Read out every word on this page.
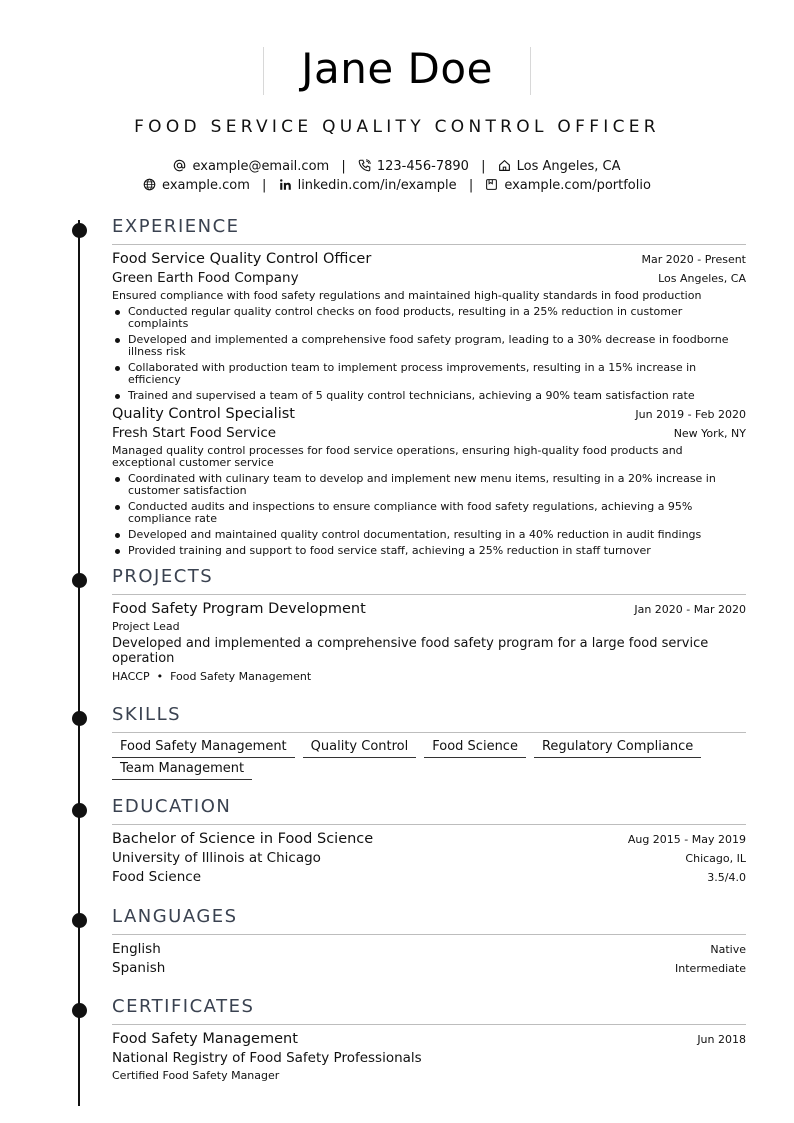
Jane Doe
FOOD SERVICE QUALITY CONTROL OFFICER
example@email.com | 123-456-7890 | Los Angeles, CA
example.com | linkedin.com/in/example | example.com/portfolio
EXPERIENCE
Food Service Quality Control Officer	Mar 2020 - Present
Green Earth Food Company	Los Angeles, CA
Ensured compliance with food safety regulations and maintained high-quality standards in food production
Conducted regular quality control checks on food products, resulting in a 25% reduction in customer complaints
Developed and implemented a comprehensive food safety program, leading to a 30% decrease in foodborne illness risk
Collaborated with production team to implement process improvements, resulting in a 15% increase in efficiency
Trained and supervised a team of 5 quality control technicians, achieving a 90% team satisfaction rate
Quality Control Specialist	Jun 2019 - Feb 2020
Fresh Start Food Service	New York, NY
Managed quality control processes for food service operations, ensuring high-quality food products and exceptional customer service
Coordinated with culinary team to develop and implement new menu items, resulting in a 20% increase in customer satisfaction
Conducted audits and inspections to ensure compliance with food safety regulations, achieving a 95% compliance rate
Developed and maintained quality control documentation, resulting in a 40% reduction in audit findings
Provided training and support to food service staff, achieving a 25% reduction in staff turnover
PROJECTS
Food Safety Program Development	Jan 2020 - Mar 2020
Project Lead
Developed and implemented a comprehensive food safety program for a large food service operation
HACCP • Food Safety Management
SKILLS
Food Safety Management	Quality Control	Food Science	Regulatory Compliance
Team Management
EDUCATION
Bachelor of Science in Food Science	Aug 2015 - May 2019
University of Illinois at Chicago	Chicago, IL
Food Science	3.5/4.0
LANGUAGES
English	Native
Spanish	Intermediate
CERTIFICATES
Food Safety Management	Jun 2018
National Registry of Food Safety Professionals
Certified Food Safety Manager
